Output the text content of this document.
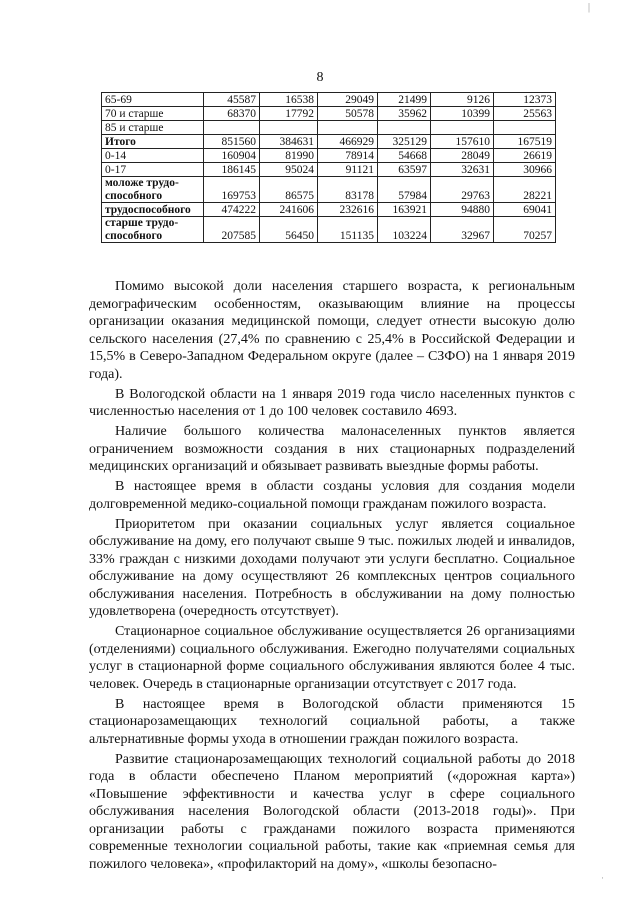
|
8
65-69	45587	16538	29049	21499	9126	12373
70 и старше	68370	17792	50578	35962	10399	25563
85 и старше						
Итого	851560	384631	466929	325129	157610	167519
0-14	160904	81990	78914	54668	28049	26619
0-17	186145	95024	91121	63597	32631	30966
моложе трудо-способного	169753	86575	83178	57984	29763	28221
трудоспособного	474222	241606	232616	163921	94880	69041
старше трудо-способного	207585	56450	151135	103224	32967	70257

Помимо высокой доли населения старшего возраста, к региональным демографическим особенностям, оказывающим влияние на процессы организации оказания медицинской помощи, следует отнести высокую долю сельского населения (27,4% по сравнению с 25,4% в Российской Федерации и 15,5% в Северо-Западном Федеральном округе (далее – СЗФО) на 1 января 2019 года).

В Вологодской области на 1 января 2019 года число населенных пунктов с численностью населения от 1 до 100 человек составило 4693.

Наличие большого количества малонаселенных пунктов является ограничением возможности создания в них стационарных подразделений медицинских организаций и обязывает развивать выездные формы работы.

В настоящее время в области созданы условия для создания модели долговременной медико-социальной помощи гражданам пожилого возраста.

Приоритетом при оказании социальных услуг является социальное обслуживание на дому, его получают свыше 9 тыс. пожилых людей и инвалидов, 33% граждан с низкими доходами получают эти услуги бесплатно. Социальное обслуживание на дому осуществляют 26 комплексных центров социального обслуживания населения. Потребность в обслуживании на дому полностью удовлетворена (очередность отсутствует).

Стационарное социальное обслуживание осуществляется 26 организациями (отделениями) социального обслуживания. Ежегодно получателями социальных услуг в стационарной форме социального обслуживания являются более 4 тыс. человек. Очередь в стационарные организации отсутствует с 2017 года.

В настоящее время в Вологодской области применяются 15 стационарозамещающих технологий социальной работы, а также альтернативные формы ухода в отношении граждан пожилого возраста.

Развитие стационарозамещающих технологий социальной работы до 2018 года в области обеспечено Планом мероприятий («дорожная карта») «Повышение эффективности и качества услуг в сфере социального обслуживания населения Вологодской области (2013-2018 годы)». При организации работы с гражданами пожилого возраста применяются современные технологии социальной работы, такие как «приемная семья для пожилого человека», «профилакторий на дому», «школы безопасно-

·
